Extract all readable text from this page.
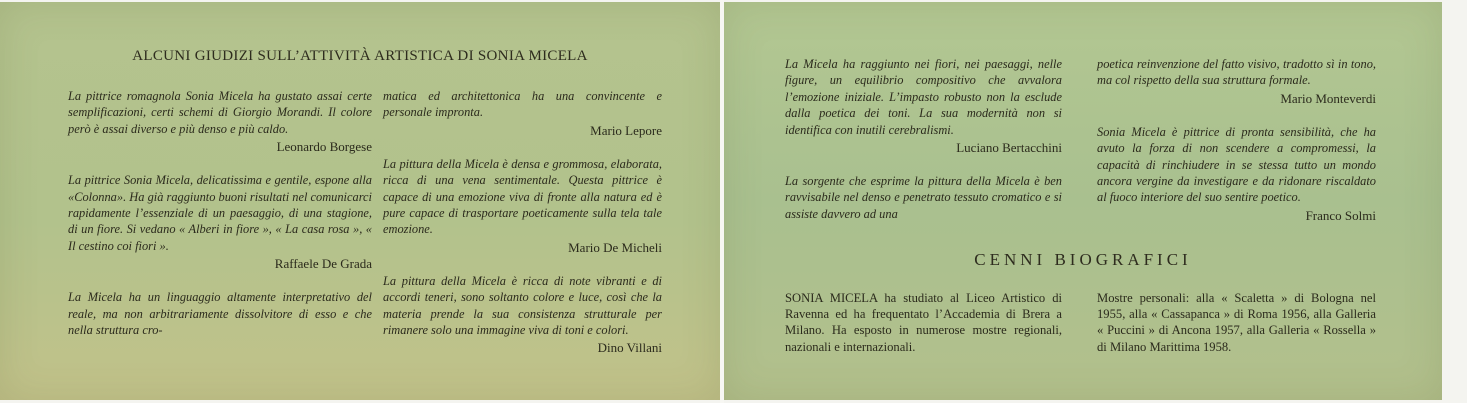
ALCUNI GIUDIZI SULL’ATTIVITÀ ARTISTICA DI SONIA MICELA

La pittrice romagnola Sonia Micela ha gustato assai certe semplificazioni, certi schemi di Giorgio Morandi. Il colore però è assai diverso e più denso e più caldo.

Leonardo Borgese

La pittrice Sonia Micela, delicatissima e gentile, espone alla «Colonna». Ha già raggiunto buoni risultati nel comunicarci rapidamente l’essenziale di un paesaggio, di una stagione, di un fiore. Si vedano « Alberi in fiore », « La casa rosa », « Il cestino coi fiori ».

Raffaele De Grada

La Micela ha un linguaggio altamente interpretativo del reale, ma non arbitrariamente dissolvitore di esso e che nella struttura cro-

matica ed architettonica ha una convincente e personale impronta.

Mario Lepore

La pittura della Micela è densa e grommosa, elaborata, ricca di una vena sentimentale. Questa pittrice è capace di una emozione viva di fronte alla natura ed è pure capace di trasportare poeticamente sulla tela tale emozione.

Mario De Micheli

La pittura della Micela è ricca di note vibranti e di accordi teneri, sono soltanto colore e luce, così che la materia prende la sua consistenza strutturale per rimanere solo una immagine viva di toni e colori.

Dino Villani

La Micela ha raggiunto nei fiori, nei paesaggi, nelle figure, un equilibrio compositivo che avvalora l’emozione iniziale. L’impasto robusto non la esclude dalla poetica dei toni. La sua modernità non si identifica con inutili cerebralismi.

Luciano Bertacchini

La sorgente che esprime la pittura della Micela è ben ravvisabile nel denso e penetrato tessuto cromatico e si assiste davvero ad una

poetica reinvenzione del fatto visivo, tradotto sì in tono, ma col rispetto della sua struttura formale.

Mario Monteverdi

Sonia Micela è pittrice di pronta sensibilità, che ha avuto la forza di non scendere a compromessi, la capacità di rinchiudere in se stessa tutto un mondo ancora vergine da investigare e da ridonare riscaldato al fuoco interiore del suo sentire poetico.

Franco Solmi
CENNI BIOGRAFICI
SONIA MICELA ha studiato al Liceo Artistico di Ravenna ed ha frequentato l’Accademia di Brera a Milano. Ha esposto in numerose mostre regionali, nazionali e internazionali.
Mostre personali: alla « Scaletta » di Bologna nel 1955, alla « Cassapanca » di Roma 1956, alla Galleria « Puccini » di Ancona 1957, alla Galleria « Rossella » di Milano Marittima 1958.
